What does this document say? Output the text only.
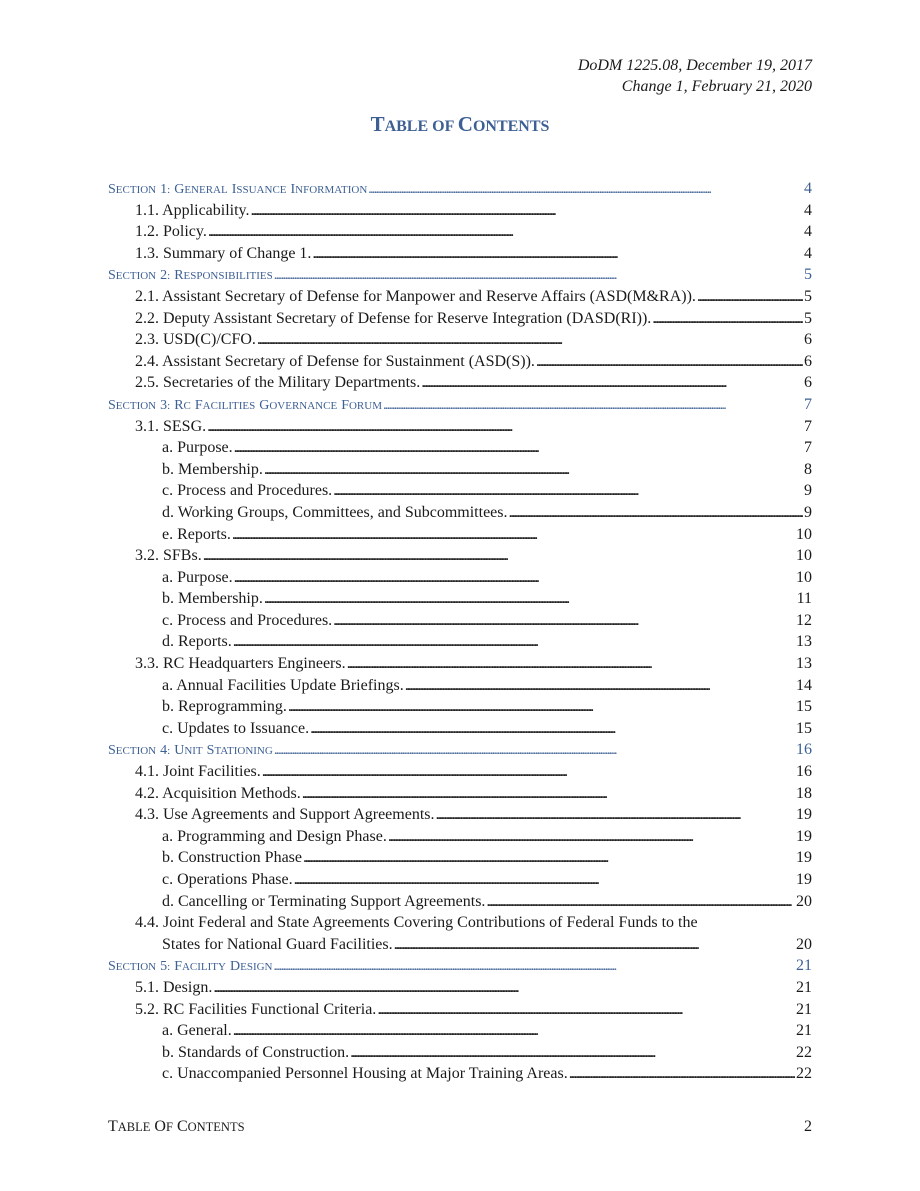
DoDM 1225.08, December 19, 2017
Change 1, February 21, 2020
TABLE OF CONTENTS
SECTION 1: GENERAL ISSUANCE INFORMATION . . .	4
1.1. Applicability. . . .	4
1.2. Policy. . . .	4
1.3. Summary of Change 1. . . .	4
SECTION 2: RESPONSIBILITIES . . .	5
2.1. Assistant Secretary of Defense for Manpower and Reserve Affairs (ASD(M&RA)). . . .	5
2.2. Deputy Assistant Secretary of Defense for Reserve Integration (DASD(RI)). . . .	5
2.3. USD(C)/CFO. . . .	6
2.4. Assistant Secretary of Defense for Sustainment (ASD(S)). . . .	6
2.5. Secretaries of the Military Departments. . . .	6
SECTION 3: RC FACILITIES GOVERNANCE FORUM . . .	7
3.1. SESG. . . .	7
a. Purpose. . . .	7
b. Membership. . . .	8
c. Process and Procedures. . . .	9
d. Working Groups, Committees, and Subcommittees. . . .	9
e. Reports. . . .	10
3.2. SFBs. . . .	10
a. Purpose. . . .	10
b. Membership. . . .	11
c. Process and Procedures. . . .	12
d. Reports. . . .	13
3.3. RC Headquarters Engineers. . . .	13
a. Annual Facilities Update Briefings. . . .	14
b. Reprogramming. . . .	15
c. Updates to Issuance. . . .	15
SECTION 4: UNIT STATIONING . . .	16
4.1. Joint Facilities. . . .	16
4.2. Acquisition Methods. . . .	18
4.3. Use Agreements and Support Agreements. . . .	19
a. Programming and Design Phase. . . .	19
b. Construction Phase . . .	19
c. Operations Phase. . . .	19
d. Cancelling or Terminating Support Agreements. . . .	20
4.4. Joint Federal and State Agreements Covering Contributions of Federal Funds to the
States for National Guard Facilities. . . .	20
SECTION 5: FACILITY DESIGN . . .	21
5.1. Design. . . .	21
5.2. RC Facilities Functional Criteria. . . .	21
a. General. . . .	21
b. Standards of Construction. . . .	22
c. Unaccompanied Personnel Housing at Major Training Areas. . . .	22
TABLE OF CONTENTS	2
